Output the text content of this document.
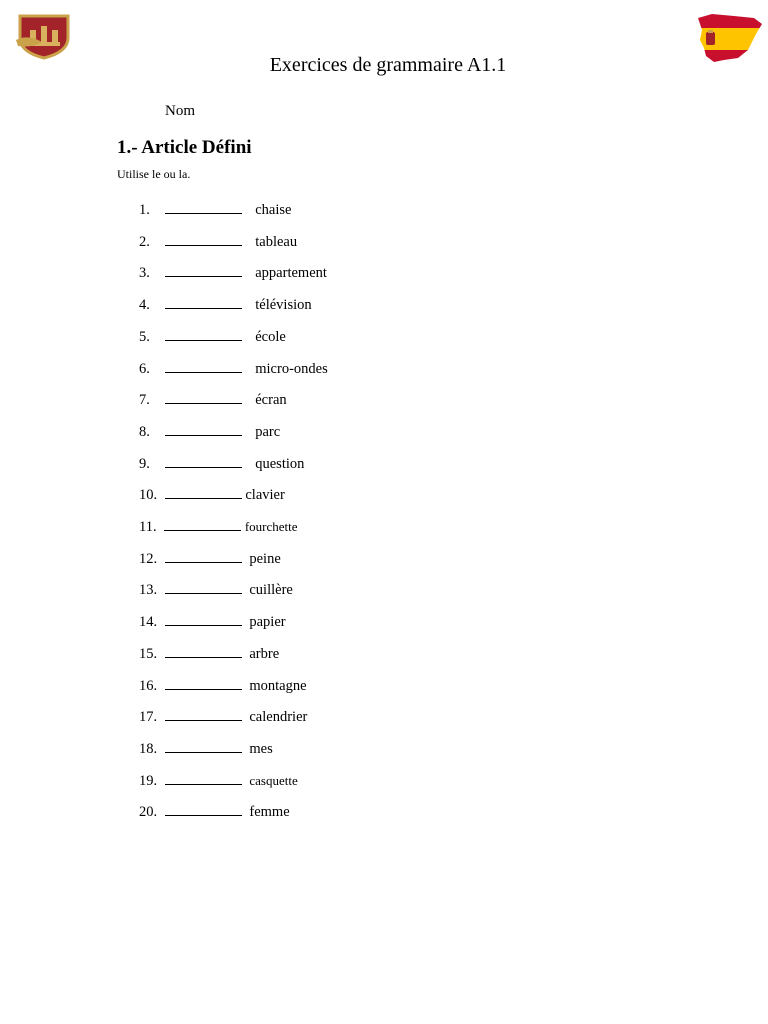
Exercices de grammaire A1.1
Nom
1.- Article Défini
Utilise le ou la.
1.	chaise
2.	tableau
3.	appartement
4.	télévision
5.	école
6.	micro-ondes
7.	écran
8.	parc
9.	question
10.	clavier
11.	fourchette
12.	peine
13.	cuillère
14.	papier
15.	arbre
16.	montagne
17.	calendrier
18.	mes
19.	casquette
20.	femme
